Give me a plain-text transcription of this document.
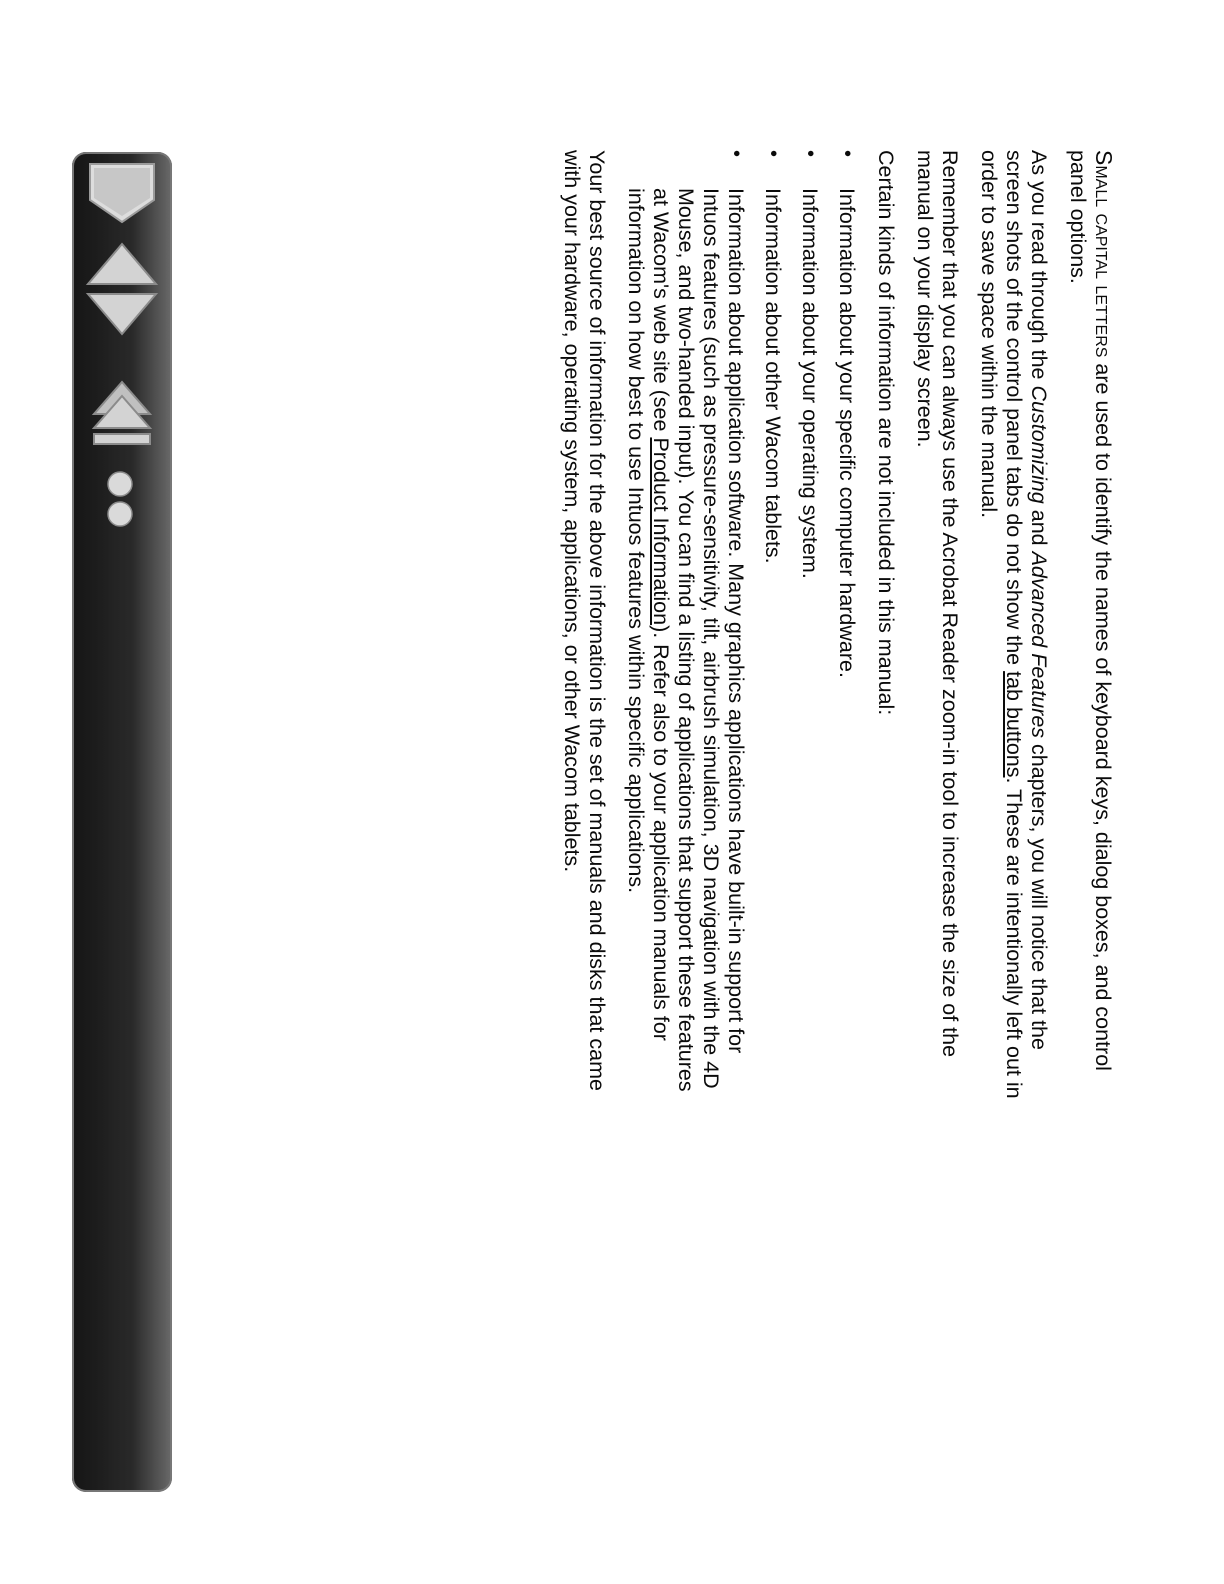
Small capital letters are used to identify the names of keyboard keys, dialog boxes, and control panel options.

As you read through the Customizing and Advanced Features chapters, you will notice that the screen shots of the control panel tabs do not show the tab buttons. These are intentionally left out in order to save space within the manual.

Remember that you can always use the Acrobat Reader zoom-in tool to increase the size of the manual on your display screen.

Certain kinds of information are not included in this manual:

•
Information about your specific computer hardware.
•
Information about your operating system.
•
Information about other Wacom tablets.
•
Information about application software. Many graphics applications have built-in support for Intuos features (such as pressure-sensitivity, tilt, airbrush simulation, 3D navigation with the 4D Mouse, and two-handed input). You can find a listing of applications that support these features at Wacom's web site (see Product Information). Refer also to your application manuals for information on how best to use Intuos features within specific applications.

Your best source of information for the above information is the set of manuals and disks that came with your hardware, operating system, applications, or other Wacom tablets.
